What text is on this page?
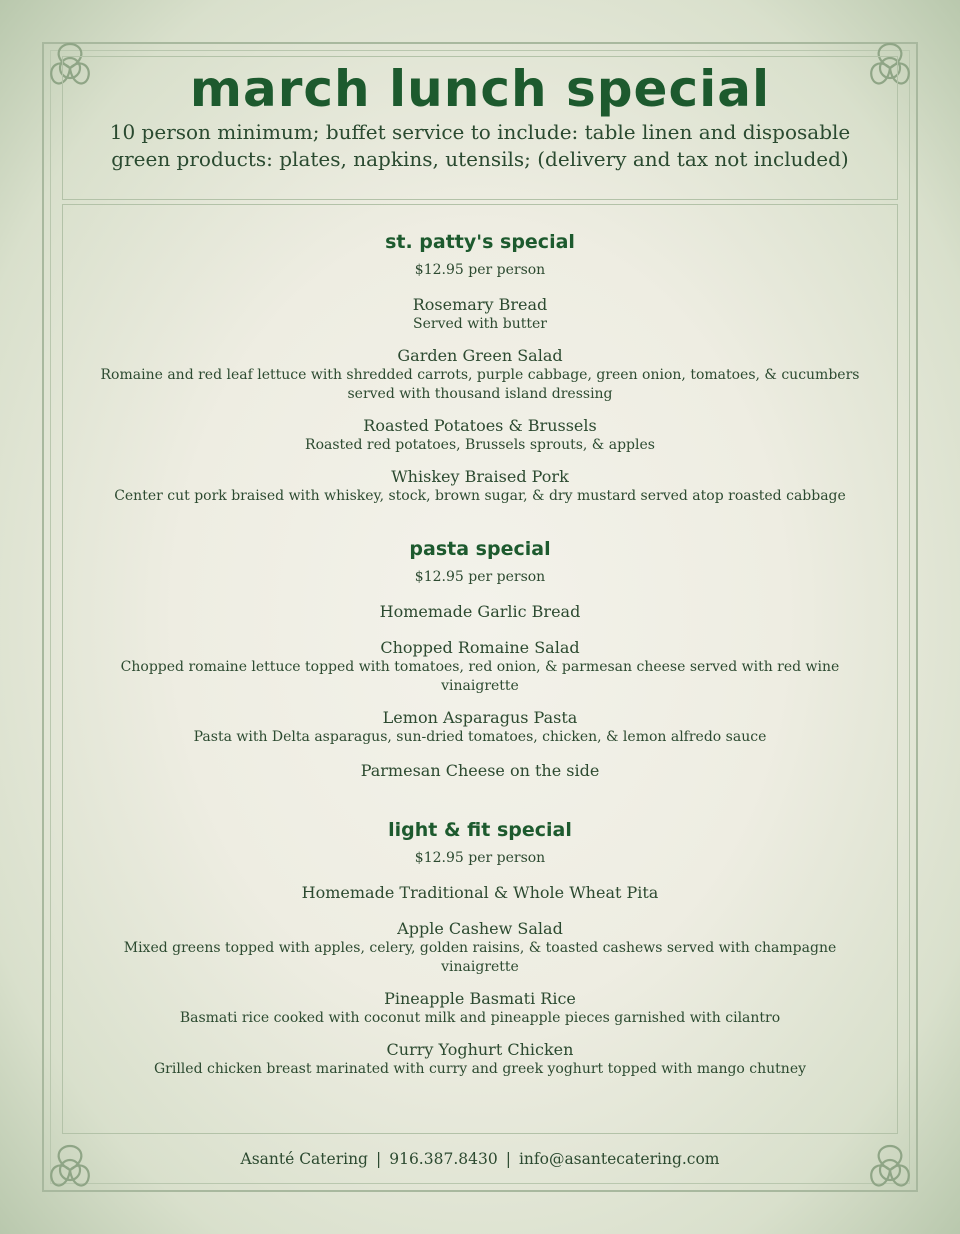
march lunch special

10 person minimum; buffet service to include: table linen and disposable green products: plates, napkins, utensils; (delivery and tax not included)

st. patty's special
$12.95 per person
Rosemary Bread
Served with butter
Garden Green Salad
Romaine and red leaf lettuce with shredded carrots, purple cabbage, green onion, tomatoes, & cucumbers served with thousand island dressing
Roasted Potatoes & Brussels
Roasted red potatoes, Brussels sprouts, & apples
Whiskey Braised Pork
Center cut pork braised with whiskey, stock, brown sugar, & dry mustard served atop roasted cabbage
pasta special
$12.95 per person
Homemade Garlic Bread
Chopped Romaine Salad
Chopped romaine lettuce topped with tomatoes, red onion, & parmesan cheese served with red wine vinaigrette
Lemon Asparagus Pasta
Pasta with Delta asparagus, sun-dried tomatoes, chicken, & lemon alfredo sauce
Parmesan Cheese on the side
light & fit special
$12.95 per person
Homemade Traditional & Whole Wheat Pita
Apple Cashew Salad
Mixed greens topped with apples, celery, golden raisins, & toasted cashews served with champagne vinaigrette
Pineapple Basmati Rice
Basmati rice cooked with coconut milk and pineapple pieces garnished with cilantro
Curry Yoghurt Chicken
Grilled chicken breast marinated with curry and greek yoghurt topped with mango chutney
Asanté Catering | 916.387.8430 | info@asantecatering.com
